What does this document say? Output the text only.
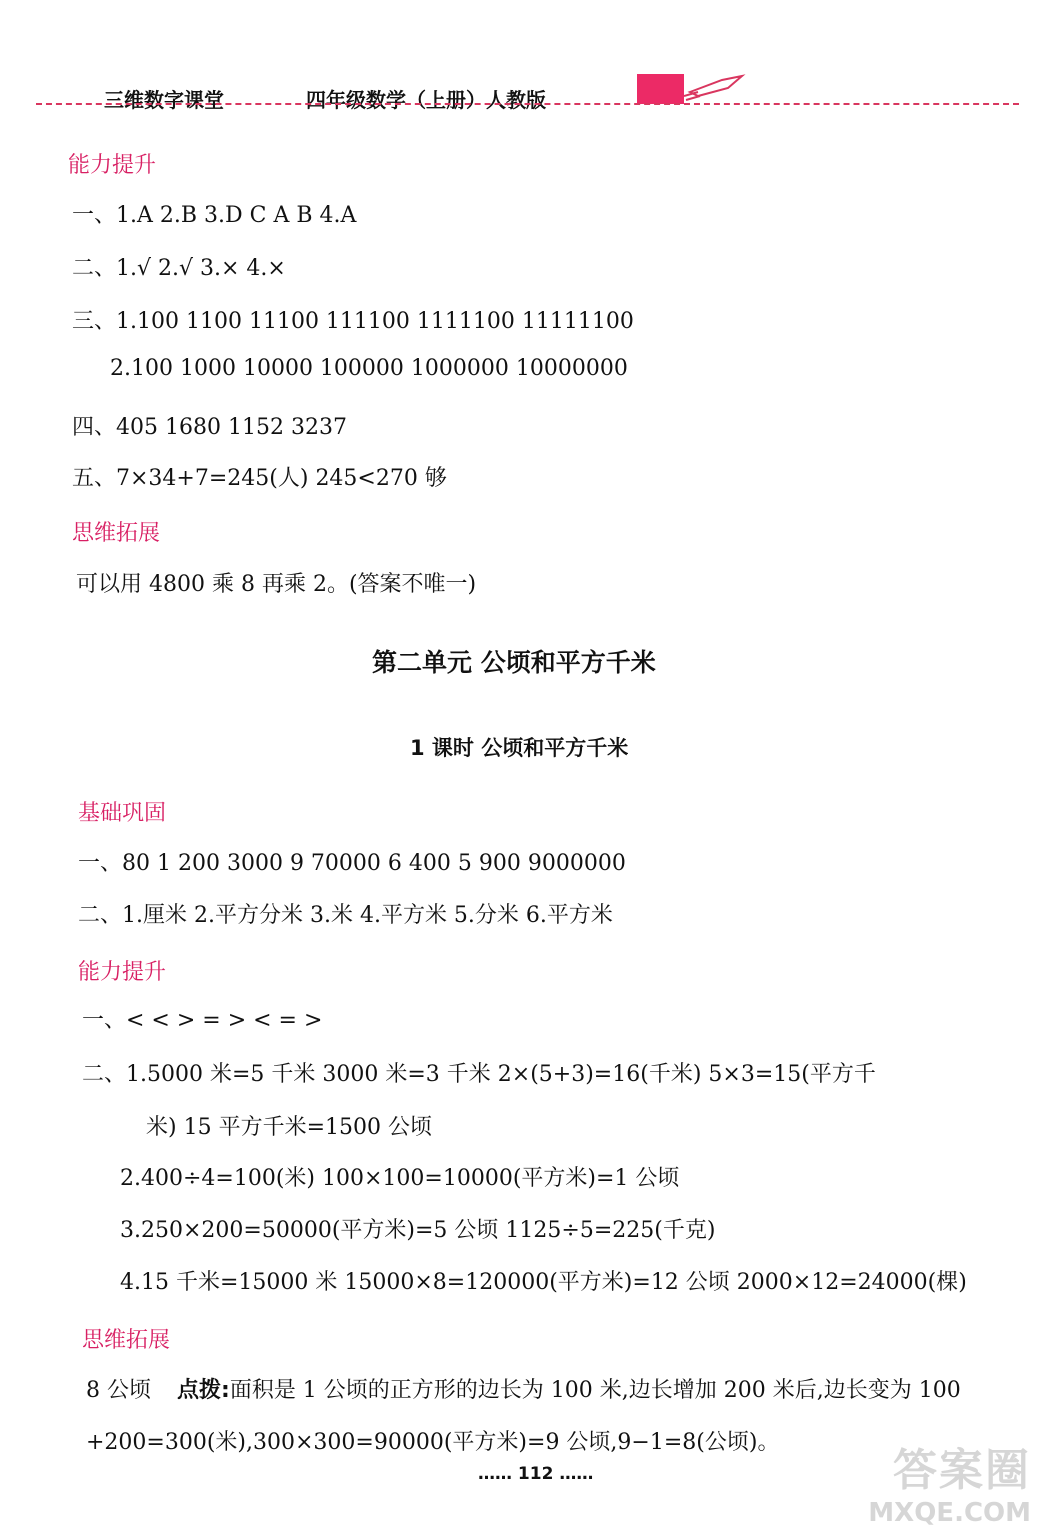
三维数字课堂	四年级数学（上册）人教版
能力提升
一、1.A 2.B 3.D C A B 4.A
二、1.√ 2.√ 3.× 4.×
三、1.100 1100 11100 111100 1111100 11111100
2.100 1000 10000 100000 1000000 10000000
四、405 1680 1152 3237
五、7×34+7=245(人) 245<270 够
思维拓展
可以用 4800 乘 8 再乘 2。(答案不唯一)
第二单元 公顷和平方千米
1 课时 公顷和平方千米
基础巩固
一、80 1 200 3000 9 70000 6 400 5 900 9000000
二、1.厘米 2.平方分米 3.米 4.平方米 5.分米 6.平方米
能力提升
一、< < > = > < = >
二、1.5000 米=5 千米 3000 米=3 千米 2×(5+3)=16(千米) 5×3=15(平方千
米) 15 平方千米=1500 公顷
2.400÷4=100(米) 100×100=10000(平方米)=1 公顷
3.250×200=50000(平方米)=5 公顷 1125÷5=225(千克)
4.15 千米=15000 米 15000×8=120000(平方米)=12 公顷 2000×12=24000(棵)
思维拓展
8 公顷 点拨:面积是 1 公顷的正方形的边长为 100 米,边长增加 200 米后,边长变为 100
+200=300(米),300×300=90000(平方米)=9 公顷,9−1=8(公顷)。
…… 112 ……	答案圈
MXQE.COM
